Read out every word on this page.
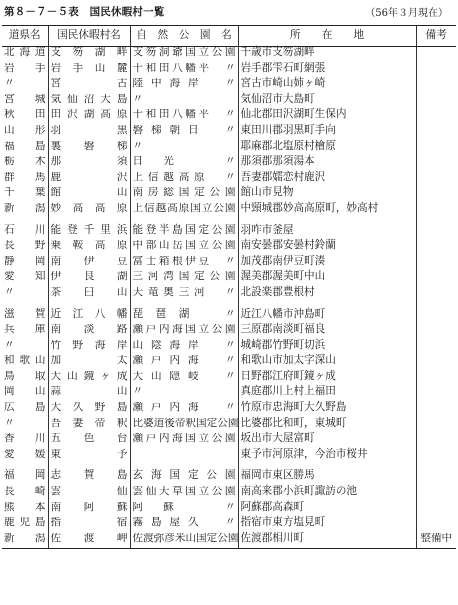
第８－７－５表　国民休暇村一覧	（56年３月現在）
道県名	国民休暇村名	自　然　公　園　名	所　　在　　地	備考
北海道	支笏湖畔	支笏洞爺国立公園	千歳市支笏湖畔	
岩手	岩手山麓	十和田八幡平　〃	岩手郡雫石町網張	
〃	宮古	陸中海岸　〃	宮古市崎山姉ヶ崎	
宮城	気仙沼大島	〃	気仙沼市大島町	
秋田	田沢湖高原	十和田八幡平　〃	仙北郡田沢湖町生保内	
山形	羽黒	磐梯朝日　〃	東田川郡羽黒町手向	
福島	裏磐梯	〃	耶麻郡北塩原村檜原	
栃木	那須	日光　〃	那須郡那須湯本	
群馬	鹿沢	上信越高原　〃	吾妻郡嬬恋村鹿沢	
千葉	館山	南房総国定公園	館山市見物	
新潟	妙高高原	上信越高原国立公園	中頸城郡妙高高原町，妙高村	
石川	能登千里浜	能登半島国定公園	羽咋市釜屋	
長野	乗鞍高原	中部山岳国立公園	南安曇郡安曇村鈴蘭	
静岡	南伊豆	富士箱根伊豆　〃	加茂郡南伊豆町湊	
愛知	伊良湖	三河湾国定公園	渥美郡渥美町中山	
〃	茶臼山	天竜奥三河　〃	北設楽郡豊根村	
滋賀	近江八幡	琵琶湖　〃	近江八幡市沖島町	
兵庫	南淡路	瀬戸内海国立公園	三原郡南淡町福良	
〃	竹野海岸	山陰海岸　〃	城崎郡竹野町切浜	
和歌山	加太	瀬戸内海　〃	和歌山市加太字深山	
鳥取	大山鏡ヶ成	大山隠岐　〃	日野郡江府町鏡ヶ成	
岡山	蒜山	〃	真庭郡川上村上福田	
広島	大久野島	瀬戸内海　〃	竹原市忠海町大久野島	
〃	吾妻帝釈	比婆道後帝釈国定公園	比婆郡比和町，東城町	
香川	五色台	瀬戸内海国立公園	坂出市大屋富町	
愛媛	東予		東予市河原津，今治市桜井	
福岡	志賀島	玄海国定公園	福岡市東区勝馬	
長崎	雲仙	雲仙天草国立公園	南高来郡小浜町諏訪の池	
熊本	南阿蘇	阿蘇　〃	阿蘇郡高森町	
鹿児島	指宿	霧島屋久　〃	指宿市東方塩見町	
新潟	佐渡岬	佐渡弥彦米山国定公園	佐渡郡相川町	整備中
